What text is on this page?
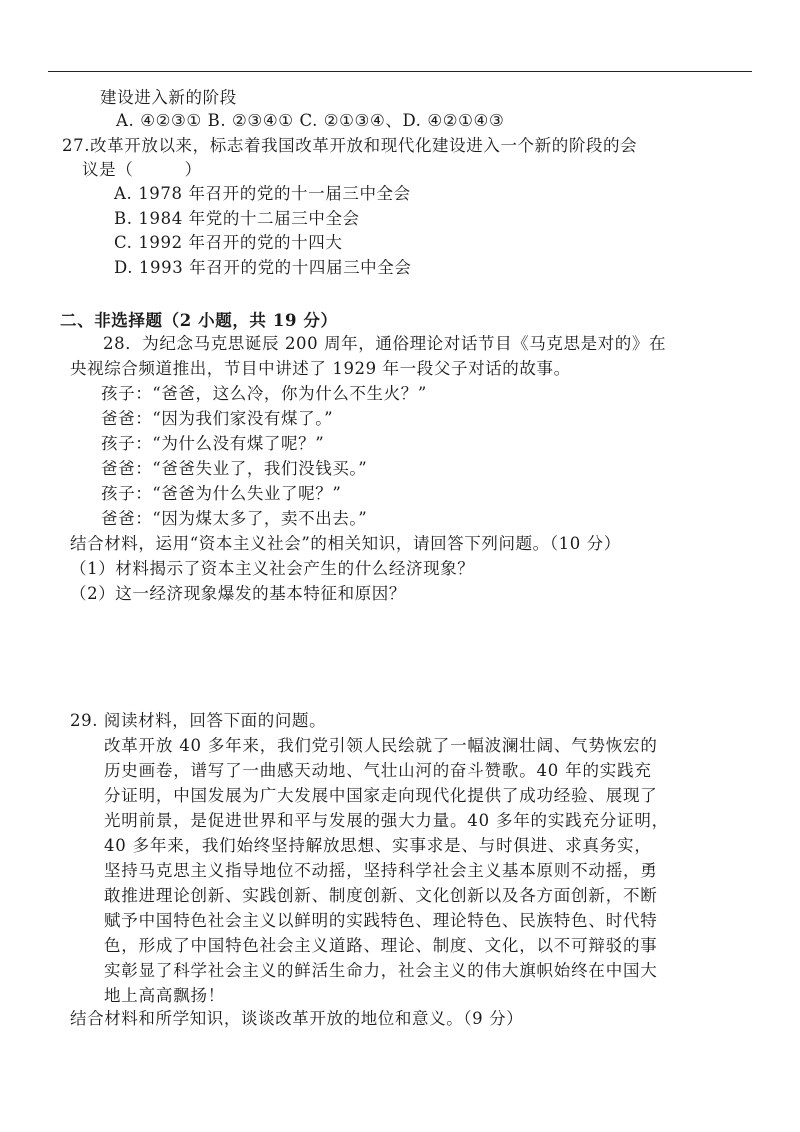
建设进入新的阶段
A. ④②③① B. ②③④① C. ②①③④、D. ④②①④③
27.改革开放以来，标志着我国改革开放和现代化建设进入一个新的阶段的会
议是（　　　）
A. 1978 年召开的党的十一届三中全会
B. 1984 年党的十二届三中全会
C. 1992 年召开的党的十四大
D. 1993 年召开的党的十四届三中全会
二、非选择题（2 小题，共 19 分）
28．为纪念马克思诞辰 200 周年，通俗理论对话节目《马克思是对的》在
央视综合频道推出，节目中讲述了 1929 年一段父子对话的故事。
孩子：“爸爸，这么冷，你为什么不生火？”
爸爸：“因为我们家没有煤了。”
孩子：“为什么没有煤了呢？”
爸爸：“爸爸失业了，我们没钱买。”
孩子：“爸爸为什么失业了呢？”
爸爸：“因为煤太多了，卖不出去。”
结合材料，运用“资本主义社会”的相关知识，请回答下列问题。（10 分）
（1）材料揭示了资本主义社会产生的什么经济现象？
（2）这一经济现象爆发的基本特征和原因？
29. 阅读材料，回答下面的问题。
改革开放 40 多年来，我们党引领人民绘就了一幅波澜壮阔、气势恢宏的
历史画卷，谱写了一曲感天动地、气壮山河的奋斗赞歌。40 年的实践充
分证明，中国发展为广大发展中国家走向现代化提供了成功经验、展现了
光明前景，是促进世界和平与发展的强大力量。40 多年的实践充分证明，
40 多年来，我们始终坚持解放思想、实事求是、与时俱进、求真务实，
坚持马克思主义指导地位不动摇，坚持科学社会主义基本原则不动摇，勇
敢推进理论创新、实践创新、制度创新、文化创新以及各方面创新，不断
赋予中国特色社会主义以鲜明的实践特色、理论特色、民族特色、时代特
色，形成了中国特色社会主义道路、理论、制度、文化，以不可辩驳的事
实彰显了科学社会主义的鲜活生命力，社会主义的伟大旗帜始终在中国大
地上高高飘扬！
结合材料和所学知识，谈谈改革开放的地位和意义。（9 分）
